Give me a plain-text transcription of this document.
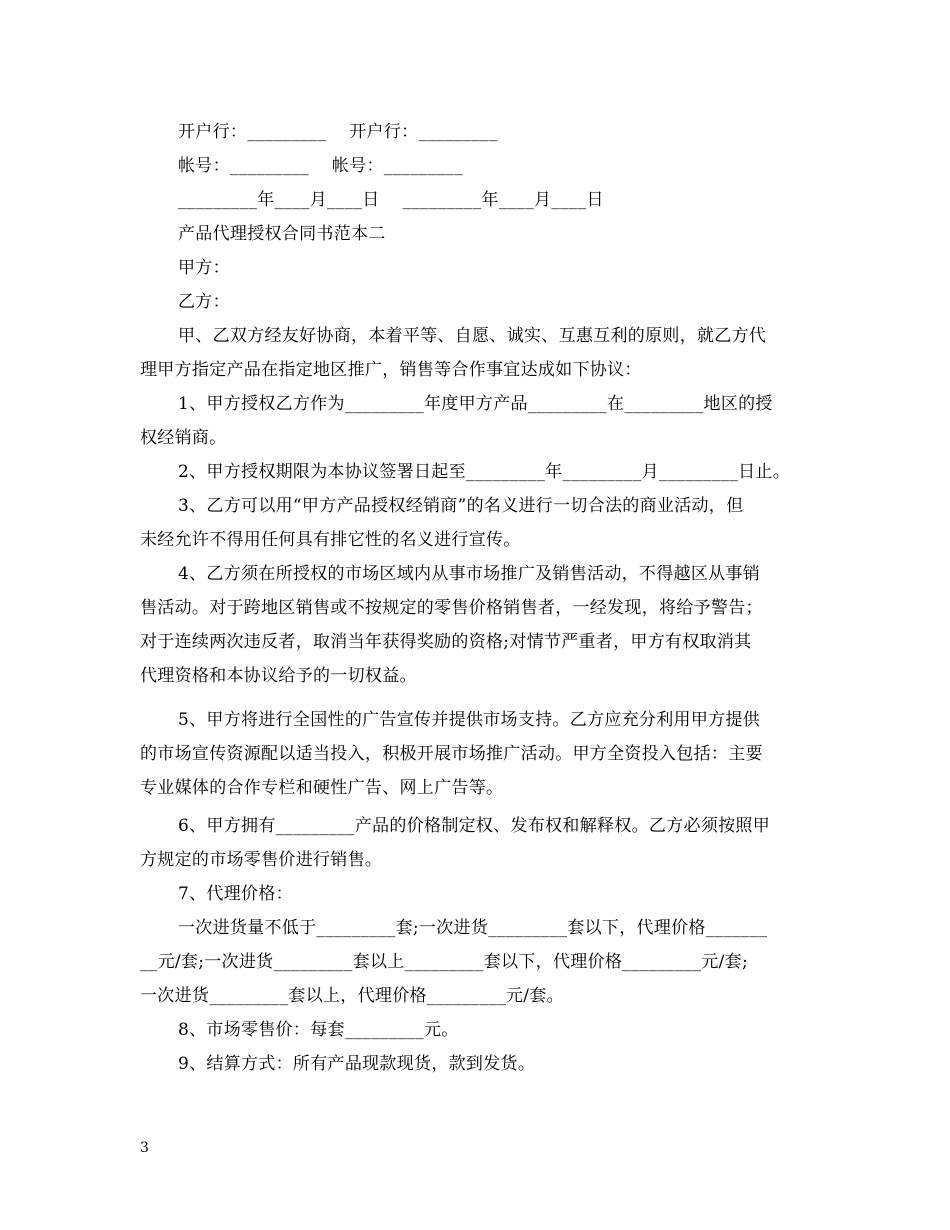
开户行：_________    开户行：_________
帐号：_________    帐号：_________
_________年____月____日    _________年____月____日
产品代理授权合同书范本二
甲方：
乙方：
甲、乙双方经友好协商，本着平等、自愿、诚实、互惠互利的原则，就乙方代
理甲方指定产品在指定地区推广，销售等合作事宜达成如下协议：
1、甲方授权乙方作为_________年度甲方产品_________在_________地区的授
权经销商。
2、甲方授权期限为本协议签署日起至_________年_________月_________日止。
3、乙方可以用“甲方产品授权经销商”的名义进行一切合法的商业活动，但
未经允许不得用任何具有排它性的名义进行宣传。
4、乙方须在所授权的市场区域内从事市场推广及销售活动，不得越区从事销
售活动。对于跨地区销售或不按规定的零售价格销售者，一经发现，将给予警告；
对于连续两次违反者，取消当年获得奖励的资格;对情节严重者，甲方有权取消其
代理资格和本协议给予的一切权益。
5、甲方将进行全国性的广告宣传并提供市场支持。乙方应充分利用甲方提供
的市场宣传资源配以适当投入，积极开展市场推广活动。甲方全资投入包括：主要
专业媒体的合作专栏和硬性广告、网上广告等。
6、甲方拥有_________产品的价格制定权、发布权和解释权。乙方必须按照甲
方规定的市场零售价进行销售。
7、代理价格：
一次进货量不低于_________套;一次进货_________套以下，代理价格_______
__元/套;一次进货_________套以上_________套以下，代理价格_________元/套;
一次进货_________套以上，代理价格_________元/套。
8、市场零售价：每套_________元。
9、结算方式：所有产品现款现货，款到发货。
3
